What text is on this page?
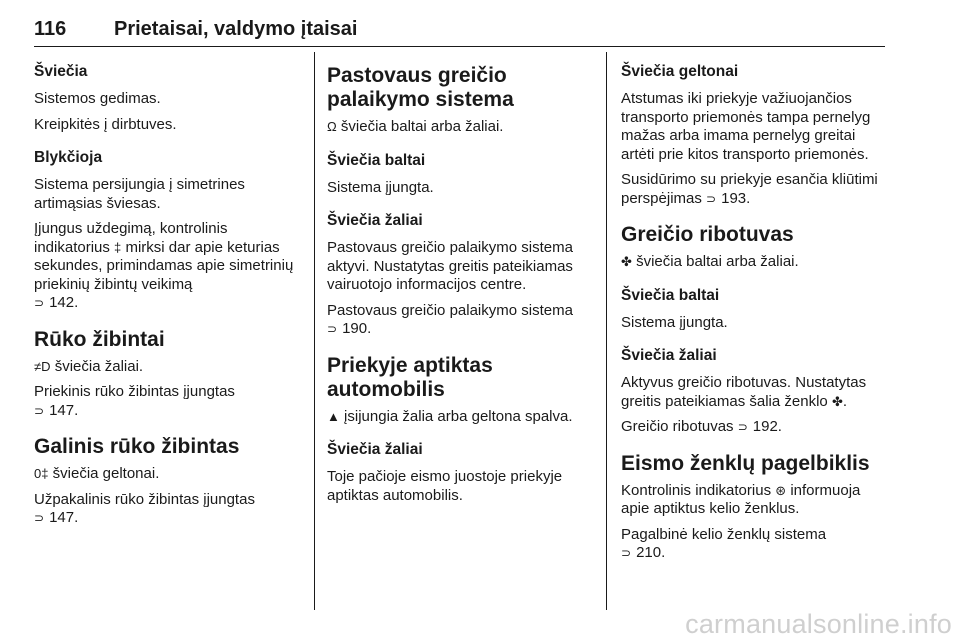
116 Prietaisai, valdymo įtaisai
Šviečia
Sistemos gedimas.
Kreipkitės į dirbtuves.
Blykčioja
Sistema persijungia į simetrines artimąsias šviesas.
Įjungus uždegimą, kontrolinis indikatorius ‡ mirksi dar apie keturias sekundes, primindamas apie simetrinių priekinių žibintų veikimą
⊃ 142.
Rūko žibintai
≠D šviečia žaliai.
Priekinis rūko žibintas įjungtas
⊃ 147.
Galinis rūko žibintas
0‡ šviečia geltonai.
Užpakalinis rūko žibintas įjungtas
⊃ 147.
Pastovaus greičio palaikymo sistema
Ω šviečia baltai arba žaliai.
Šviečia baltai
Sistema įjungta.
Šviečia žaliai
Pastovaus greičio palaikymo sistema aktyvi. Nustatytas greitis pateikiamas vairuotojo informacijos centre.
Pastovaus greičio palaikymo sistema
⊃ 190.
Priekyje aptiktas automobilis
▲ įsijungia žalia arba geltona spalva.
Šviečia žaliai
Toje pačioje eismo juostoje priekyje aptiktas automobilis.
Šviečia geltonai
Atstumas iki priekyje važiuojančios transporto priemonės tampa pernelyg mažas arba imama pernelyg greitai artėti prie kitos transporto priemonės.
Susidūrimo su priekyje esančia kliūtimi perspėjimas ⊃ 193.
Greičio ribotuvas
✤ šviečia baltai arba žaliai.
Šviečia baltai
Sistema įjungta.
Šviečia žaliai
Aktyvus greičio ribotuvas. Nustatytas greitis pateikiamas šalia ženklo ✤.
Greičio ribotuvas ⊃ 192.
Eismo ženklų pagelbiklis
Kontrolinis indikatorius ⊛ informuoja apie aptiktus kelio ženklus.
Pagalbinė kelio ženklų sistema
⊃ 210.
carmanualsonline.info
